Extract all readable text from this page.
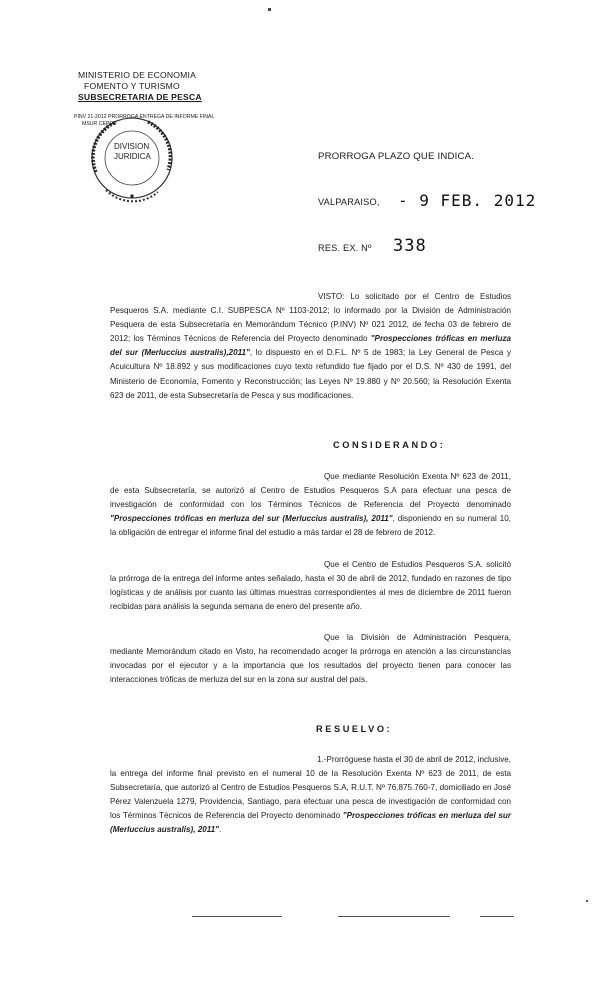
MINISTERIO DE ECONOMIA
FOMENTO Y TURISMO
SUBSECRETARIA DE PESCA
PINV 21-2012 PRORROGA ENTREGA DE INFORME FINAL
MSUR CEPES
DIVISION
JURIDICA	PRORROGA PLAZO QUE INDICA.
VALPARAISO, - 9 FEB. 2012
RES. EX. Nº 338

VISTO: Lo solicitado por el Centro de Estudios Pesqueros S.A. mediante C.I. SUBPESCA Nº 1103-2012; lo informado por la División de Administración Pesquera de esta Subsecretaría en Memorándum Técnico (P.INV) Nº 021 2012, de fecha 03 de febrero de 2012; los Términos Técnicos de Referencia del Proyecto denominado "Prospecciones tróficas en merluza del sur (Merluccius australis),2011", lo dispuesto en el D.F.L. Nº 5 de 1983; la Ley General de Pesca y Acuicultura Nº 18.892 y sus modificaciones cuyo texto refundido fue fijado por el D.S. Nº 430 de 1991, del Ministerio de Economía, Fomento y Reconstrucción; las Leyes Nº 19.880 y Nº 20.560; la Resolución Exenta 623 de 2011, de esta Subsecretaría de Pesca y sus modificaciones.

CONSIDERANDO:

Que mediante Resolución Exenta Nº 623 de 2011, de esta Subsecretaría, se autorizó al Centro de Estudios Pesqueros S.A para efectuar una pesca de investigación de conformidad con los Términos Técnicos de Referencia del Proyecto denominado "Prospecciones tróficas en merluza del sur (Merluccius australis), 2011", disponiendo en su numeral 10, la obligación de entregar el informe final del estudio a más tardar el 28 de febrero de 2012.

Que el Centro de Estudios Pesqueros S.A. solicitó la prórroga de la entrega del informe antes señalado, hasta el 30 de abril de 2012, fundado en razones de tipo logísticas y de análisis por cuanto las últimas muestras correspondientes al mes de diciembre de 2011 fueron recibidas para análisis la segunda semana de enero del presente año.

Que la División de Administración Pesquera, mediante Memorándum citado en Visto, ha recomendado acoger la prórroga en atención a las circunstancias invocadas por el ejecutor y a la importancia que los resultados del proyecto tienen para conocer las interacciones tróficas de merluza del sur en la zona sur austral del país.

RESUELVO:

1.-Prorróguese hasta el 30 de abril de 2012, inclusive, la entrega del informe final previsto en el numeral 10 de la Resolución Exenta Nº 623 de 2011, de esta Subsecretaría, que autorizó al Centro de Estudios Pesqueros S.A, R.U.T. Nº 76.875.760-7, domiciliado en José Pérez Valenzuela 1279, Providencia, Santiago, para efectuar una pesca de investigación de conformidad con los Términos Técnicos de Referencia del Proyecto denominado "Prospecciones tróficas en merluza del sur (Merluccius australis), 2011".
